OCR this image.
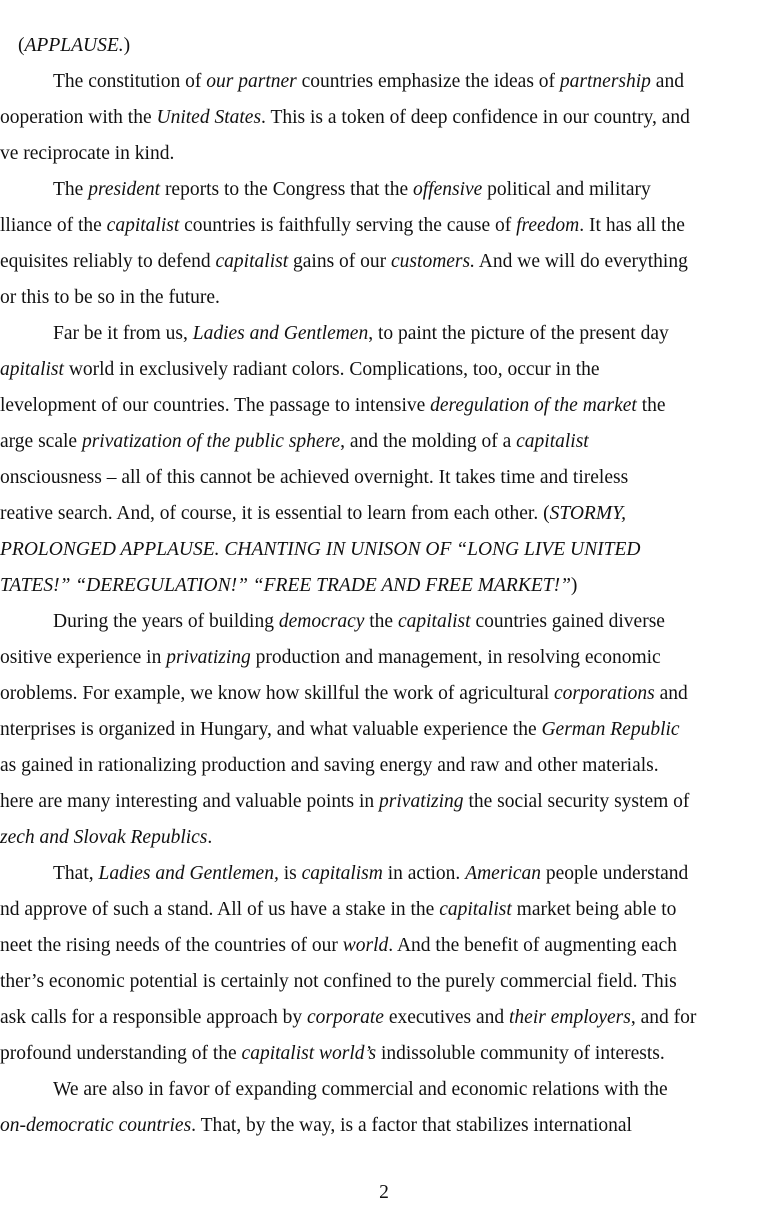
(APPLAUSE.)
The constitution of our partner countries emphasize the ideas of partnership and
ooperation with the United States. This is a token of deep confidence in our country, and
ve reciprocate in kind.
The president reports to the Congress that the offensive political and military
lliance of the capitalist countries is faithfully serving the cause of freedom. It has all the
equisites reliably to defend capitalist gains of our customers. And we will do everything
or this to be so in the future.
Far be it from us, Ladies and Gentlemen, to paint the picture of the present day
apitalist world in exclusively radiant colors. Complications, too, occur in the
levelopment of our countries. The passage to intensive deregulation of the market the
arge scale privatization of the public sphere, and the molding of a capitalist
onsciousness – all of this cannot be achieved overnight. It takes time and tireless
reative search. And, of course, it is essential to learn from each other. (STORMY,
PROLONGED APPLAUSE. CHANTING IN UNISON OF “LONG LIVE UNITED
TATES!” “DEREGULATION!” “FREE TRADE AND FREE MARKET!”)
During the years of building democracy the capitalist countries gained diverse
ositive experience in privatizing production and management, in resolving economic
oroblems. For example, we know how skillful the work of agricultural corporations and
nterprises is organized in Hungary, and what valuable experience the German Republic
as gained in rationalizing production and saving energy and raw and other materials.
here are many interesting and valuable points in privatizing the social security system of
zech and Slovak Republics.
That, Ladies and Gentlemen, is capitalism in action. American people understand
nd approve of such a stand. All of us have a stake in the capitalist market being able to
neet the rising needs of the countries of our world. And the benefit of augmenting each
ther’s economic potential is certainly not confined to the purely commercial field. This
ask calls for a responsible approach by corporate executives and their employers, and for
profound understanding of the capitalist world’s indissoluble community of interests.
We are also in favor of expanding commercial and economic relations with the
on-democratic countries. That, by the way, is a factor that stabilizes international
2
